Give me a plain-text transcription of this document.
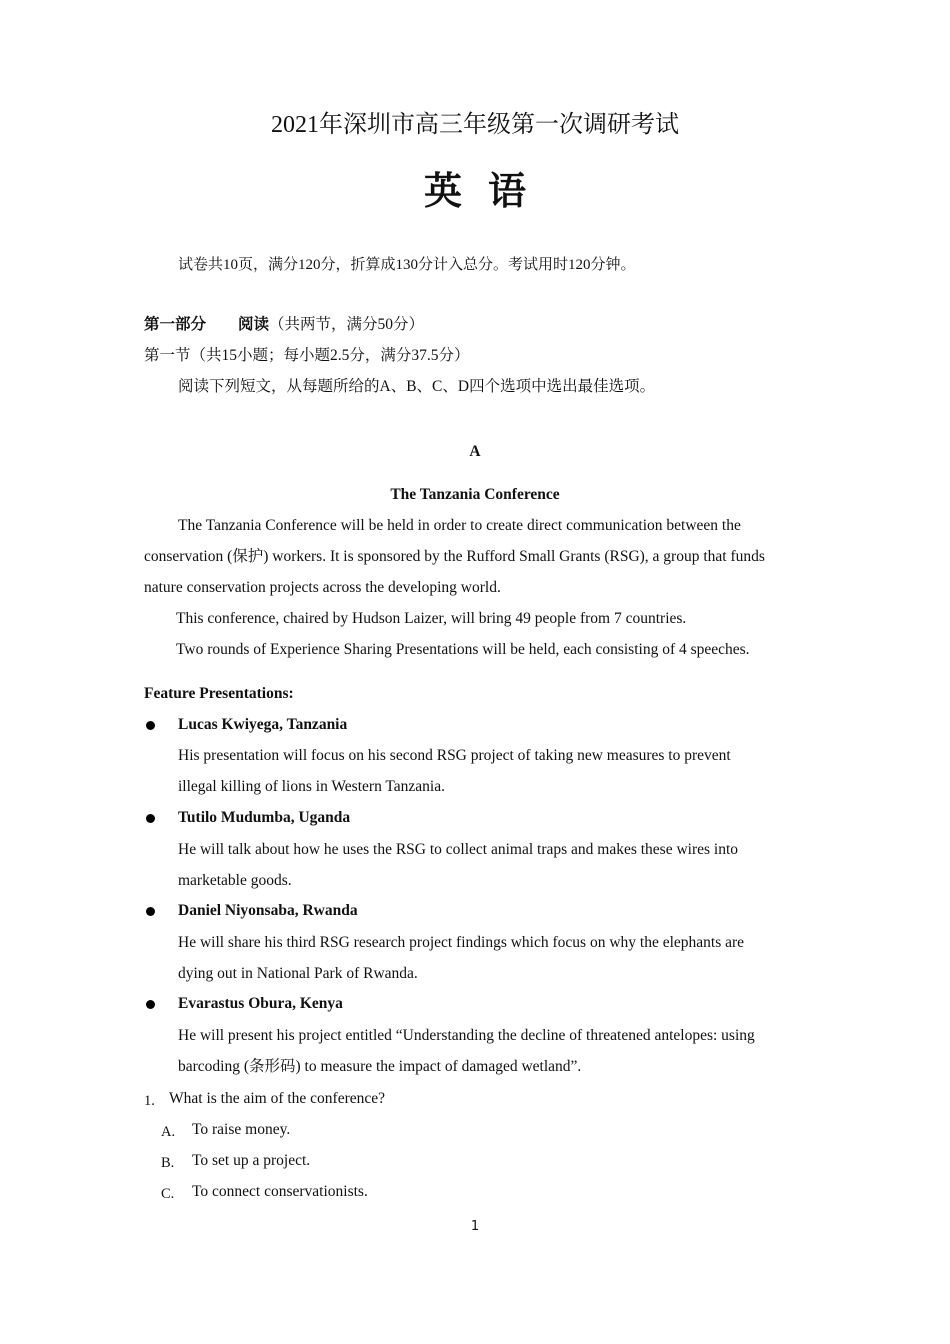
2021年深圳市高三年级第一次调研考试
英语
试卷共10页，满分120分，折算成130分计入总分。考试用时120分钟。
第一部分 阅读（共两节，满分50分）
第一节（共15小题；每小题2.5分，满分37.5分）
阅读下列短文，从每题所给的A、B、C、D四个选项中选出最佳选项。
A
The Tanzania Conference
The Tanzania Conference will be held in order to create direct communication between the
conservation (保护) workers. It is sponsored by the Rufford Small Grants (RSG), a group that funds
nature conservation projects across the developing world.
This conference, chaired by Hudson Laizer, will bring 49 people from 7 countries.
Two rounds of Experience Sharing Presentations will be held, each consisting of 4 speeches.
Feature Presentations:
Lucas Kwiyega, Tanzania
His presentation will focus on his second RSG project of taking new measures to prevent
illegal killing of lions in Western Tanzania.
Tutilo Mudumba, Uganda
He will talk about how he uses the RSG to collect animal traps and makes these wires into
marketable goods.
Daniel Niyonsaba, Rwanda
He will share his third RSG research project findings which focus on why the elephants are
dying out in National Park of Rwanda.
Evarastus Obura, Kenya
He will present his project entitled “Understanding the decline of threatened antelopes: using
barcoding (条形码) to measure the impact of damaged wetland”.
1. What is the aim of the conference?
A. To raise money.
B. To set up a project.
C. To connect conservationists.
1
